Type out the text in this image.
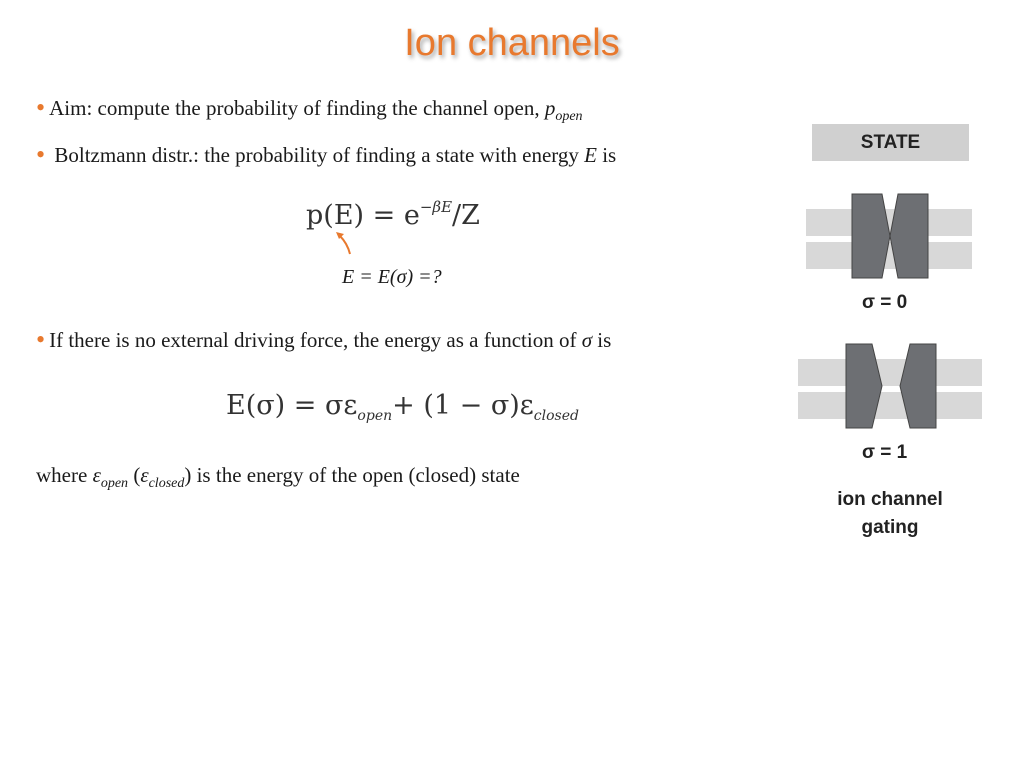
Ion channels
• Aim: compute the probability of finding the channel open, $p_{open}$
• Boltzmann distr.: the probability of finding a state with energy E is
p(E) = e −βE /Z
E = E(σ) =?
• If there is no external driving force, the energy as a function of σ is
E(σ) = σε open + (1 − σ)ε closed
where $\varepsilon_{open}$ $(\varepsilon_{closed})$ is the energy of the open (closed) state
STATE
σ = 0
σ = 1
ion channel
gating
